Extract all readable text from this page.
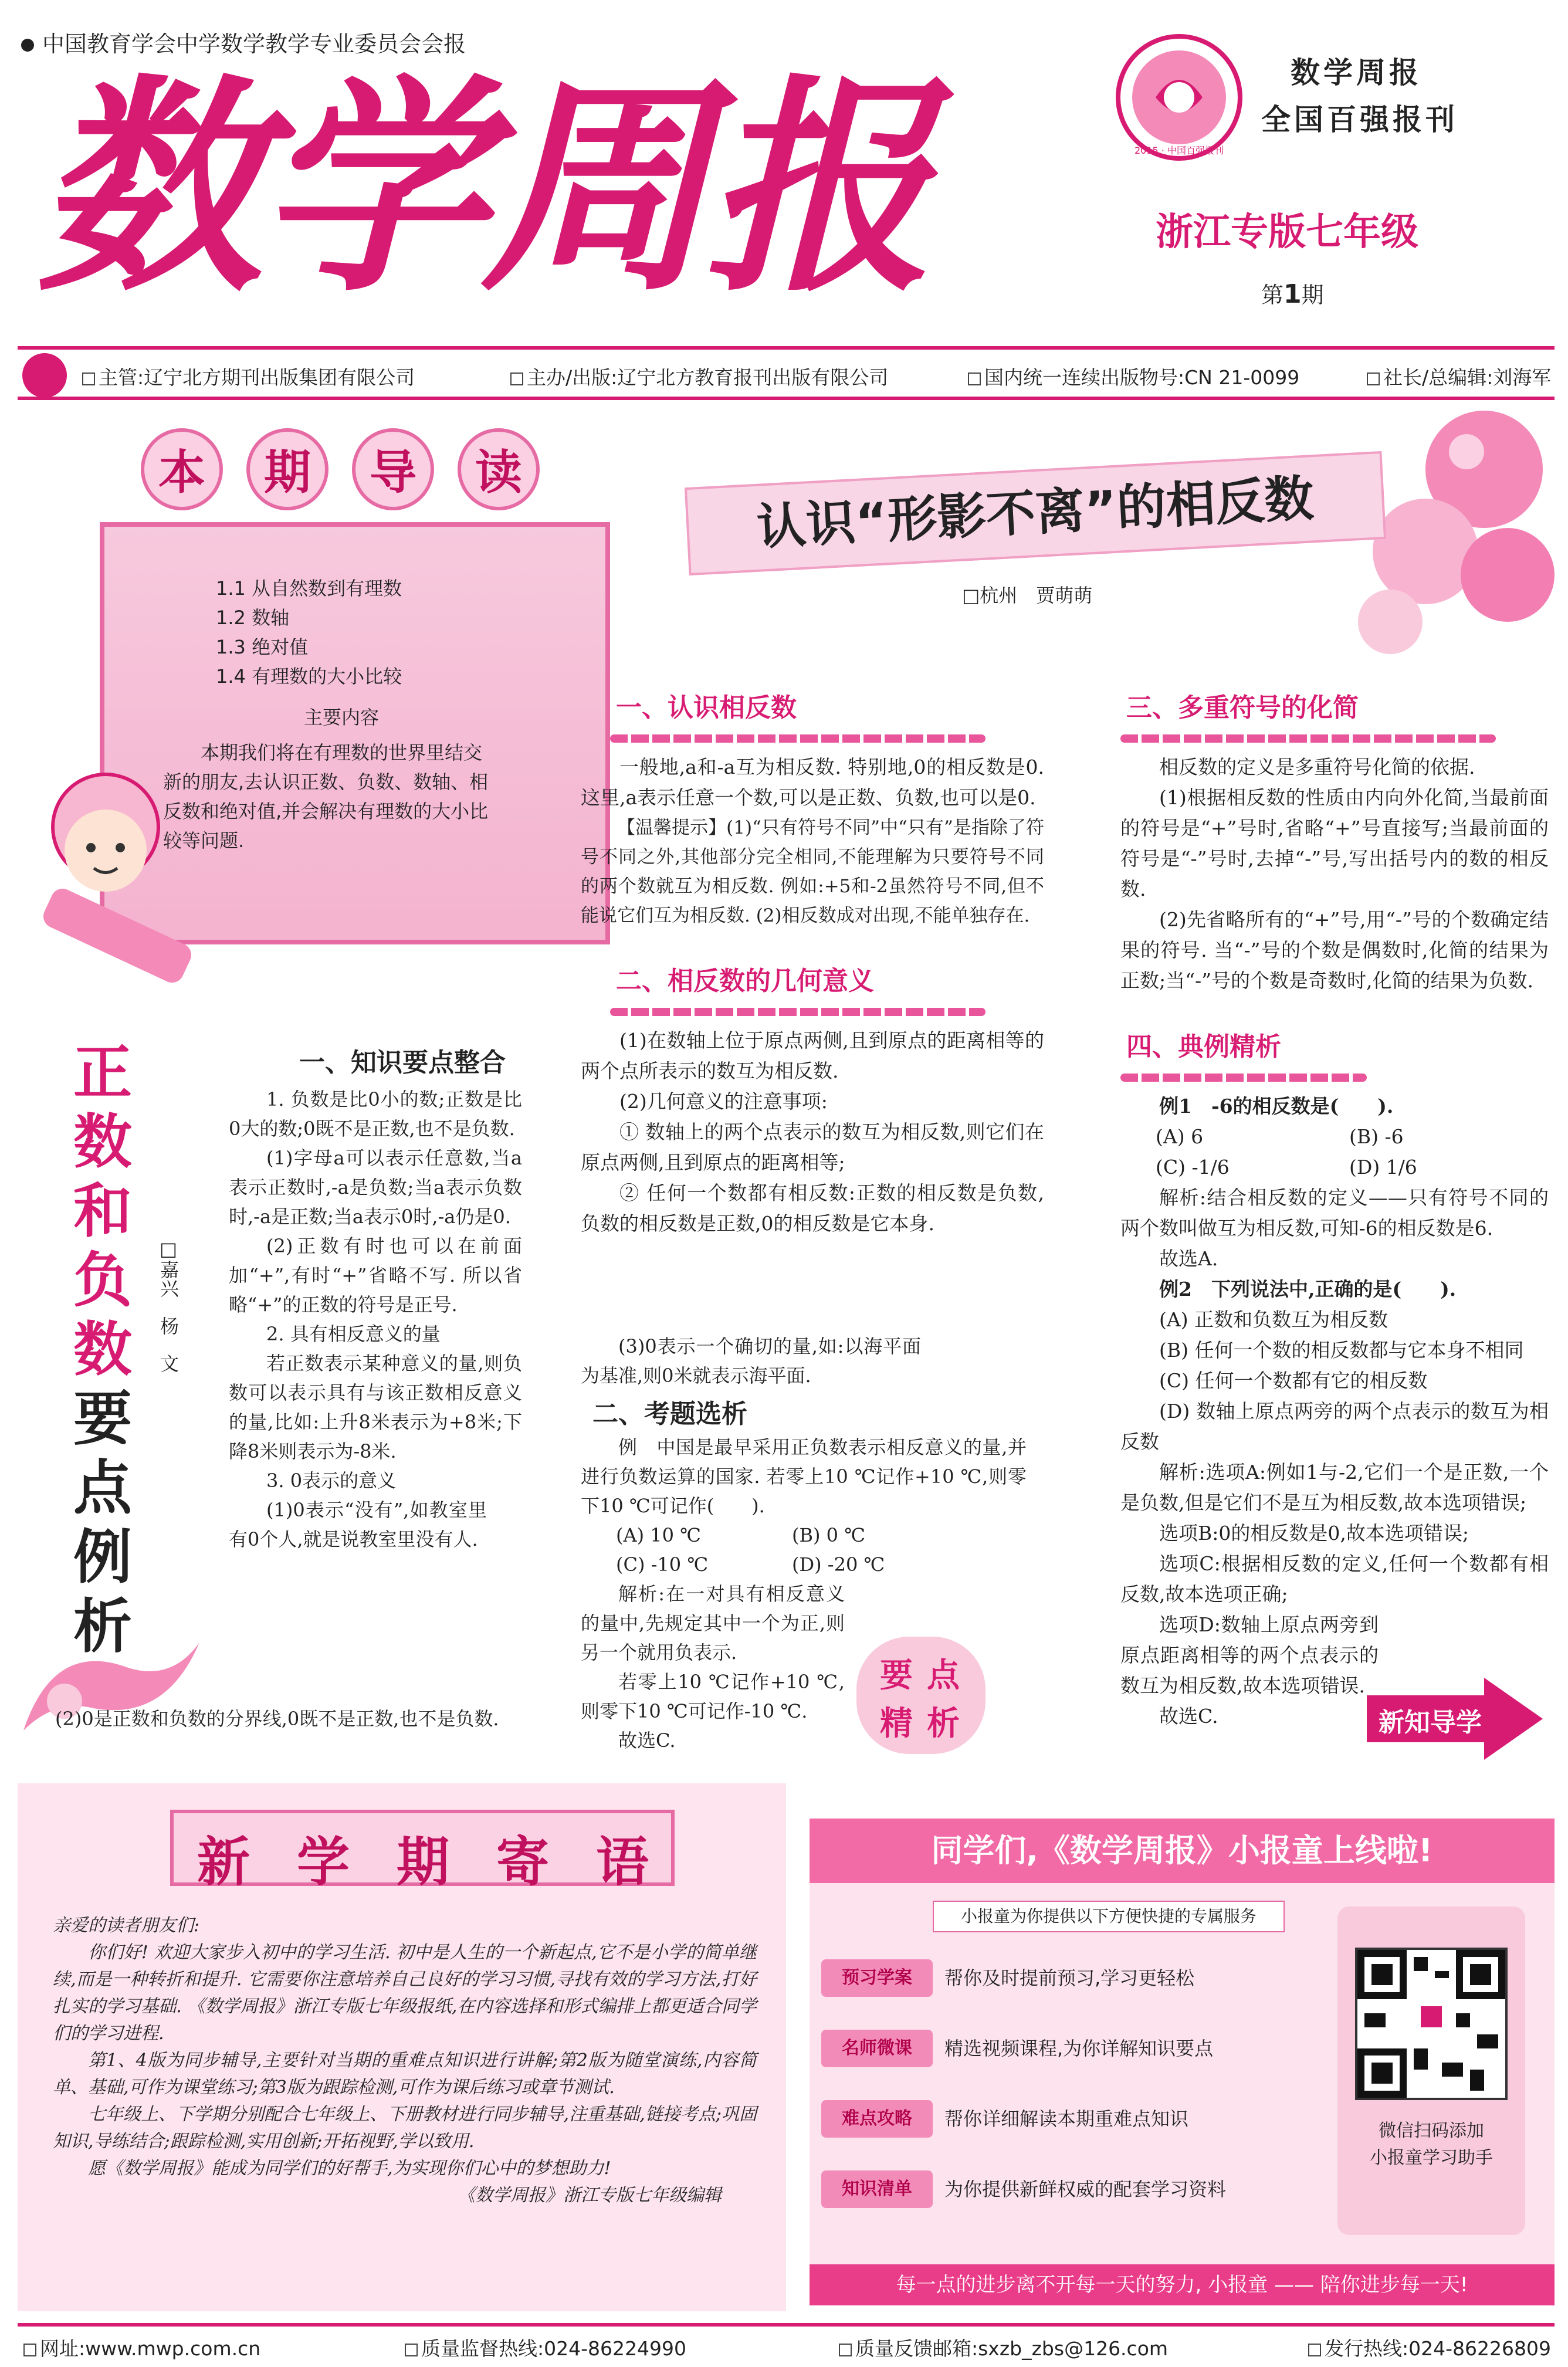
中国教育学会中学数学教学专业委员会会报
数学周报	2015 · 中国百强报刊
数学周报
全国百强报刊
浙江专版七年级
第1期
主管:辽宁北方期刊出版集团有限公司	主办/出版:辽宁北方教育报刊出版有限公司	国内统一连续出版物号:CN 21-0099	社长/总编辑:刘海军
本	期	导	读
1.1 从自然数到有理数
1.2 数轴
1.3 绝对值
1.4 有理数的大小比较
主要内容
本期我们将在有理数的世界里结交新的朋友,去认识正数、负数、数轴、相反数和绝对值,并会解决有理数的大小比较等问题.
认识“形影不离”的相反数
□杭州　贾萌萌
一、认识相反数

一般地,a和-a互为相反数. 特别地,0的相反数是0. 这里,a表示任意一个数,可以是正数、负数,也可以是0.

【温馨提示】(1)“只有符号不同”中“只有”是指除了符号不同之外,其他部分完全相同,不能理解为只要符号不同的两个数就互为相反数. 例如:+5和-2虽然符号不同,但不能说它们互为相反数. (2)相反数成对出现,不能单独存在.

二、相反数的几何意义

(1)在数轴上位于原点两侧,且到原点的距离相等的两个点所表示的数互为相反数.

(2)几何意义的注意事项:

① 数轴上的两个点表示的数互为相反数,则它们在原点两侧,且到原点的距离相等;

② 任何一个数都有相反数:正数的相反数是负数,负数的相反数是正数,0的相反数是它本身.

三、多重符号的化简

相反数的定义是多重符号化简的依据.

(1)根据相反数的性质由内向外化简,当最前面的符号是“+”号时,省略“+”号直接写;当最前面的符号是“-”号时,去掉“-”号,写出括号内的数的相反数.

(2)先省略所有的“+”号,用“-”号的个数确定结果的符号. 当“-”号的个数是偶数时,化简的结果为正数;当“-”号的个数是奇数时,化简的结果为负数.

四、典例精析

例1　-6的相反数是(　　).

(A) 6	(B) -6
(C) -1/6	(D) 1/6

解析:结合相反数的定义——只有符号不同的两个数叫做互为相反数,可知-6的相反数是6.

故选A.

例2　下列说法中,正确的是(　　).

(A) 正数和负数互为相反数

(B) 任何一个数的相反数都与它本身不相同

(C) 任何一个数都有它的相反数

(D) 数轴上原点两旁的两个点表示的数互为相反数

解析:选项A:例如1与-2,它们一个是正数,一个是负数,但是它们不是互为相反数,故本选项错误;

选项B:0的相反数是0,故本选项错误;

选项C:根据相反数的定义,任何一个数都有相反数,故本选项正确;

选项D:数轴上原点两旁到原点距离相等的两个点表示的数互为相反数,故本选项错误.

故选C.	新知导学
正
数
和
负
数
要
点
例
析
□嘉兴　杨　文
一、知识要点整合

1. 负数是比0小的数;正数是比0大的数;0既不是正数,也不是负数.

(1)字母a可以表示任意数,当a表示正数时,-a是负数;当a表示负数时,-a是正数;当a表示0时,-a仍是0.

(2)正数有时也可以在前面加“+”,有时“+”省略不写. 所以省略“+”的正数的符号是正号.

2. 具有相反意义的量

若正数表示某种意义的量,则负数可以表示具有与该正数相反意义的量,比如:上升8米表示为+8米;下降8米则表示为-8米.

3. 0表示的意义

(1)0表示“没有”,如教室里有0个人,就是说教室里没有人.

(2)0是正数和负数的分界线,0既不是正数,也不是负数.

(3)0表示一个确切的量,如:以海平面为基准,则0米就表示海平面.

二、考题选析

例　中国是最早采用正负数表示相反意义的量,并进行负数运算的国家. 若零上10 ℃记作+10 ℃,则零下10 ℃可记作(　　).

(A) 10 ℃	(B) 0 ℃
(C) -10 ℃	(D) -20 ℃

解析:在一对具有相反意义的量中,先规定其中一个为正,则另一个就用负表示.

若零上10 ℃记作+10 ℃,则零下10 ℃可记作-10 ℃.

故选C.

要 点
精 析
新 学 期 寄 语
亲爱的读者朋友们:

你们好! 欢迎大家步入初中的学习生活. 初中是人生的一个新起点,它不是小学的简单继续,而是一种转折和提升. 它需要你注意培养自己良好的学习习惯,寻找有效的学习方法,打好扎实的学习基础. 《数学周报》浙江专版七年级报纸,在内容选择和形式编排上都更适合同学们的学习进程.

第1、4版为同步辅导,主要针对当期的重难点知识进行讲解;第2版为随堂演练,内容简单、基础,可作为课堂练习;第3版为跟踪检测,可作为课后练习或章节测试.

七年级上、下学期分别配合七年级上、下册教材进行同步辅导,注重基础,链接考点;巩固知识,导练结合;跟踪检测,实用创新;开拓视野,学以致用.

愿《数学周报》能成为同学们的好帮手,为实现你们心中的梦想助力!

《数学周报》浙江专版七年级编辑
同学们,《数学周报》小报童上线啦!
小报童为你提供以下方便快捷的专属服务
预习学案	帮你及时提前预习,学习更轻松
名师微课	精选视频课程,为你详解知识要点
难点攻略	帮你详细解读本期重难点知识
知识清单	为你提供新鲜权威的配套学习资料
微信扫码添加
小报童学习助手
每一点的进步离不开每一天的努力, 小报童 —— 陪你进步每一天!
网址:www.mwp.com.cn	质量监督热线:024-86224990	质量反馈邮箱:sxzb_zbs@126.com	发行热线:024-86226809
